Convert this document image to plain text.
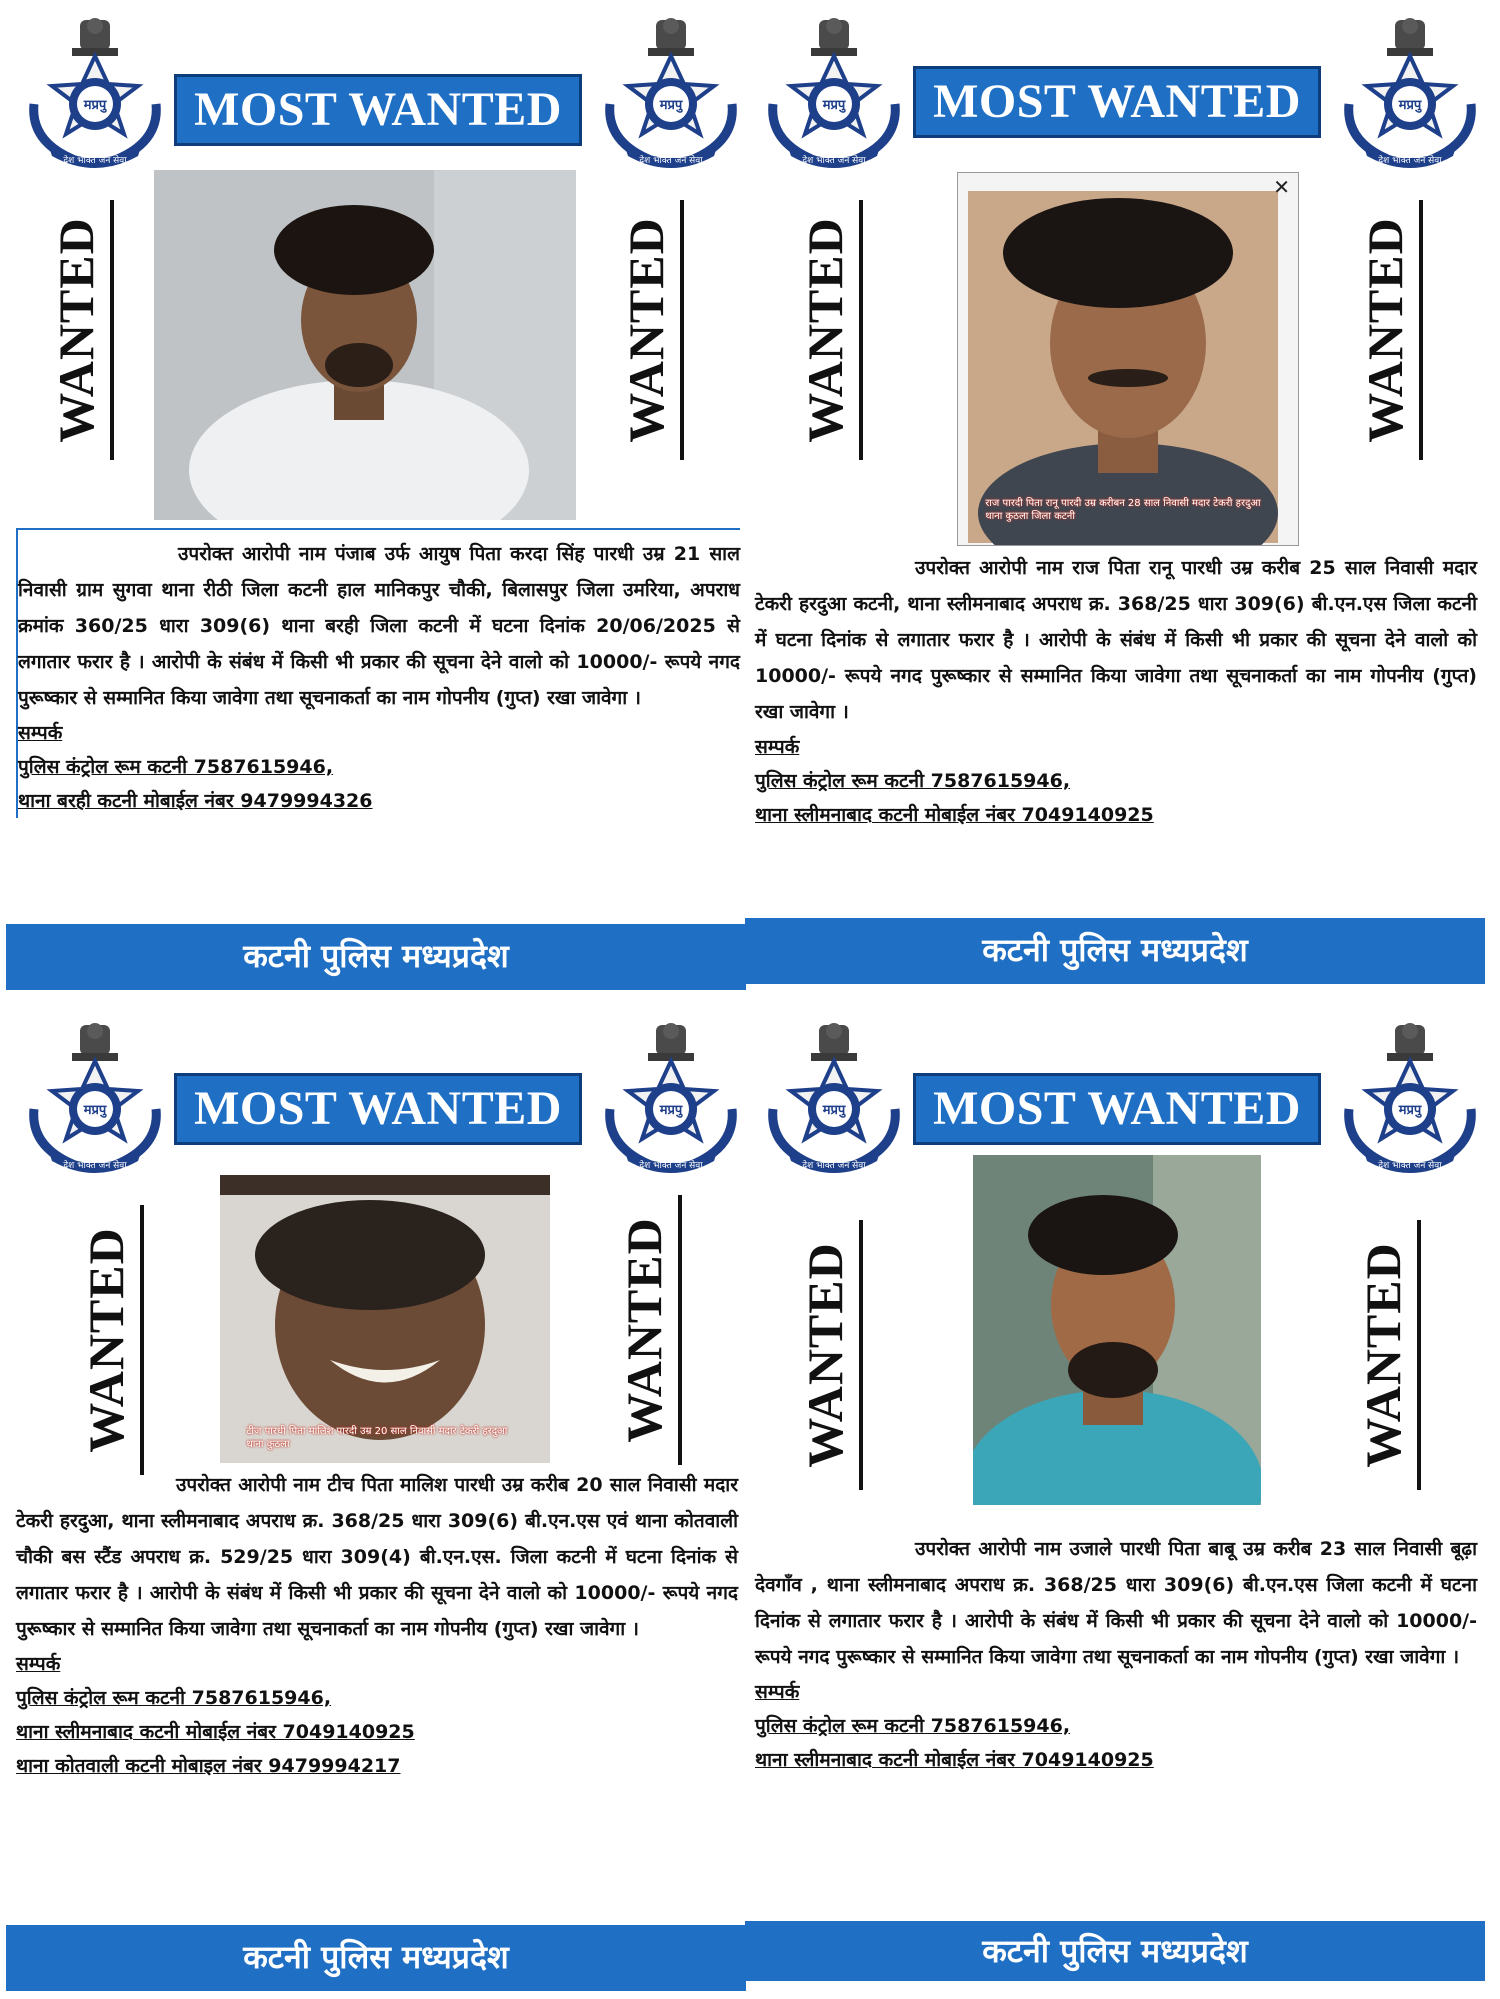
MOST WANTED
WANTED	WANTED

उपरोक्त आरोपी नाम पंजाब उर्फ आयुष पिता करदा सिंह पारधी उम्र 21 साल निवासी ग्राम सुगवा थाना रीठी जिला कटनी हाल मानिकपुर चौकी, बिलासपुर जिला उमरिया, अपराध क्रमांक 360/25 धारा 309(6) थाना बरही जिला कटनी में घटना दिनांक 20/06/2025 से लगातार फरार है । आरोपी के संबंध में किसी भी प्रकार की सूचना देने वालो को 10000/- रूपये नगद पुरूष्कार से सम्मानित किया जावेगा तथा सूचनाकर्ता का नाम गोपनीय (गुप्त) रखा जावेगा ।

सम्पर्क
पुलिस कंट्रोल रूम कटनी 7587615946,
थाना बरही कटनी मोबाईल नंबर 9479994326
कटनी पुलिस मध्यप्रदेश
MOST WANTED
WANTED
✕
राज पारदी पिता रानू पारदी उम्र करीबन 28 साल निवासी मदार टेकरी हरदुआ थाना कुठला जिला कटनी
WANTED

उपरोक्त आरोपी नाम राज पिता रानू पारधी उम्र करीब 25 साल निवासी मदार टेकरी हरदुआ कटनी, थाना स्लीमनाबाद अपराध क्र. 368/25 धारा 309(6) बी.एन.एस जिला कटनी में घटना दिनांक से लगातार फरार है । आरोपी के संबंध में किसी भी प्रकार की सूचना देने वालो को 10000/- रूपये नगद पुरूष्कार से सम्मानित किया जावेगा तथा सूचनाकर्ता का नाम गोपनीय (गुप्त) रखा जावेगा ।

सम्पर्क
पुलिस कंट्रोल रूम कटनी 7587615946,
थाना स्लीमनाबाद कटनी मोबाईल नंबर 7049140925
कटनी पुलिस मध्यप्रदेश
MOST WANTED
WANTED	टीज पारधी पिता मालिश पारदी उम्र 20 साल निवासी मदार टेकरी हरदुआ थाना कुठला
WANTED

उपरोक्त आरोपी नाम टीच पिता मालिश पारधी उम्र करीब 20 साल निवासी मदार टेकरी हरदुआ, थाना स्लीमनाबाद अपराध क्र. 368/25 धारा 309(6) बी.एन.एस एवं थाना कोतवाली चौकी बस स्टैंड अपराध क्र. 529/25 धारा 309(4) बी.एन.एस. जिला कटनी में घटना दिनांक से लगातार फरार है । आरोपी के संबंध में किसी भी प्रकार की सूचना देने वालो को 10000/- रूपये नगद पुरूष्कार से सम्मानित किया जावेगा तथा सूचनाकर्ता का नाम गोपनीय (गुप्त) रखा जावेगा ।

सम्पर्क
पुलिस कंट्रोल रूम कटनी 7587615946,
थाना स्लीमनाबाद कटनी मोबाईल नंबर 7049140925
थाना कोतवाली कटनी मोबाइल नंबर 9479994217
कटनी पुलिस मध्यप्रदेश
MOST WANTED
WANTED	WANTED

उपरोक्त आरोपी नाम उजाले पारधी पिता बाबू उम्र करीब 23 साल निवासी बूढ़ा देवगाँव , थाना स्लीमनाबाद अपराध क्र. 368/25 धारा 309(6) बी.एन.एस जिला कटनी में घटना दिनांक से लगातार फरार है । आरोपी के संबंध में किसी भी प्रकार की सूचना देने वालो को 10000/- रूपये नगद पुरूष्कार से सम्मानित किया जावेगा तथा सूचनाकर्ता का नाम गोपनीय (गुप्त) रखा जावेगा ।

सम्पर्क
पुलिस कंट्रोल रूम कटनी 7587615946,
थाना स्लीमनाबाद कटनी मोबाईल नंबर 7049140925
कटनी पुलिस मध्यप्रदेश
